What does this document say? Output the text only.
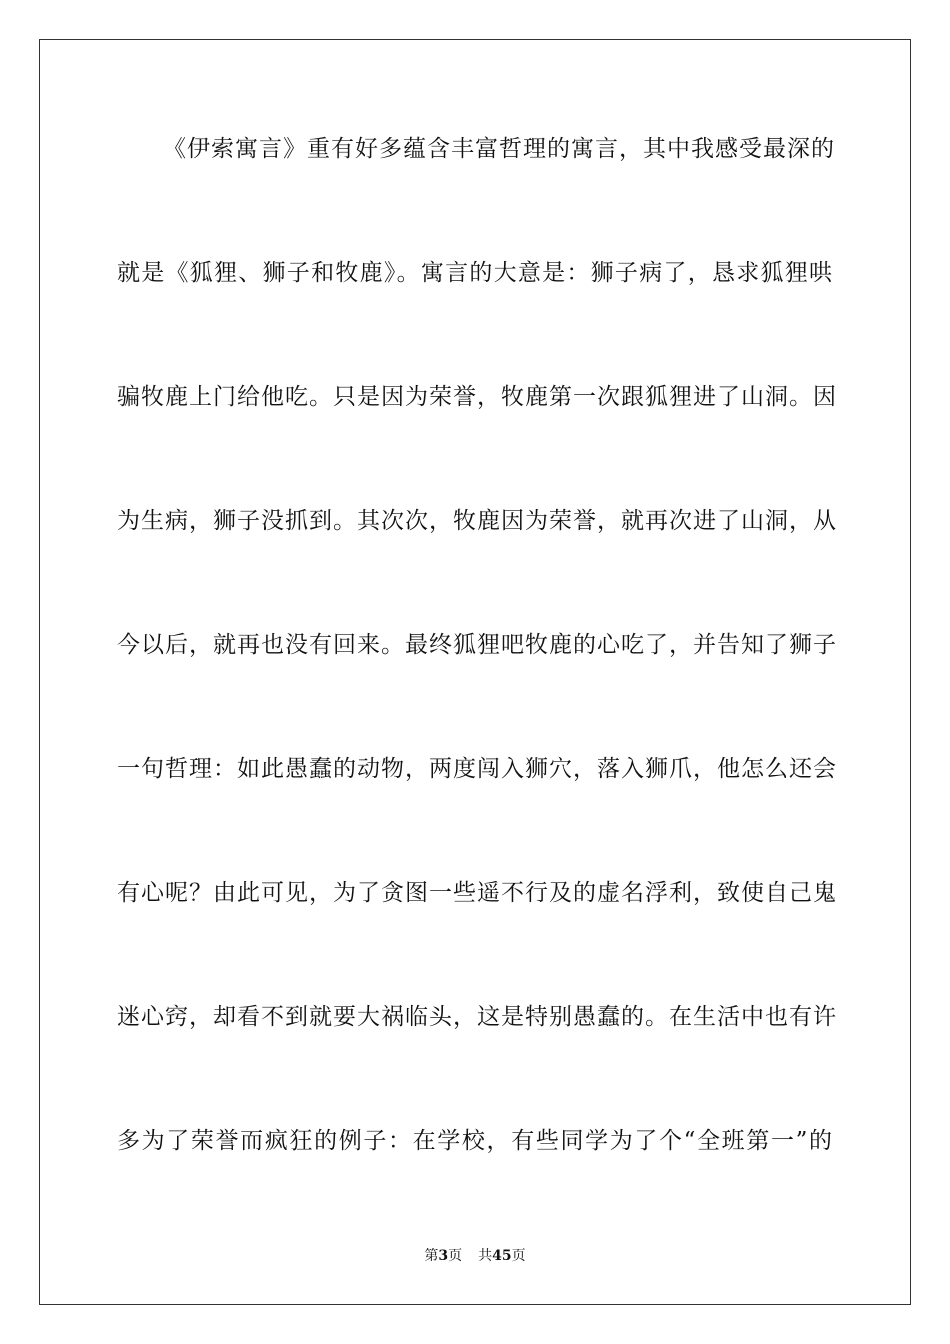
《伊索寓言》重有好多蕴含丰富哲理的寓言，其中我感受最深的
就是《狐狸、狮子和牧鹿》。寓言的大意是：狮子病了，恳求狐狸哄
骗牧鹿上门给他吃。只是因为荣誉，牧鹿第一次跟狐狸进了山洞。因
为生病，狮子没抓到。其次次，牧鹿因为荣誉，就再次进了山洞，从
今以后，就再也没有回来。最终狐狸吧牧鹿的心吃了，并告知了狮子
一句哲理：如此愚蠢的动物，两度闯入狮穴，落入狮爪，他怎么还会
有心呢？由此可见，为了贪图一些遥不行及的虚名浮利，致使自己鬼
迷心窍，却看不到就要大祸临头，这是特别愚蠢的。在生活中也有许
多为了荣誉而疯狂的例子：在学校，有些同学为了个“全班第一”的
第3页 共45页
